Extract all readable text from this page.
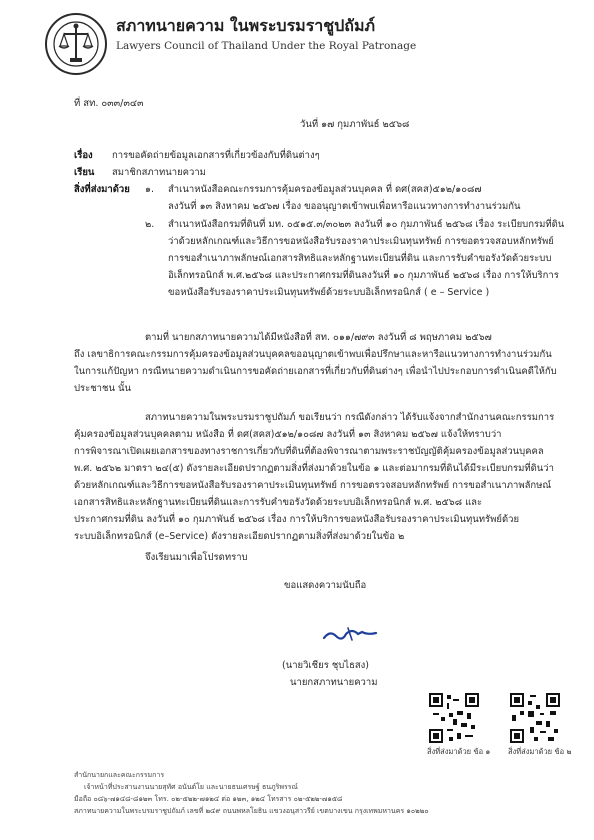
สภาทนายความ ในพระบรมราชูปถัมภ์
Lawyers Council of Thailand Under the Royal Patronage
ที่ สท. ๐๓๓/๓๔๓
วันที่ ๑๗ กุมภาพันธ์ ๒๕๖๘
เรื่อง การขอคัดถ่ายข้อมูลเอกสารที่เกี่ยวข้องกับที่ดินต่างๆ
เรียน สมาชิกสภาทนายความ
สิ่งที่ส่งมาด้วย ๑. สำเนาหนังสือคณะกรรมการคุ้มครองข้อมูลส่วนบุคคล ที่ ดศ(สคส)๕๑๒/๑๐๘๗
ลงวันที่ ๑๓ สิงหาคม ๒๕๖๗ เรื่อง ขออนุญาตเข้าพบเพื่อหารือแนวทางการทำงานร่วมกัน
๒. สำเนาหนังสือกรมที่ดินที่ มท. ๐๕๑๕.๓/๓๐๒๓ ลงวันที่ ๑๐ กุมภาพันธ์ ๒๕๖๘ เรื่อง ระเบียบกรมที่ดิน
ว่าด้วยหลักเกณฑ์และวิธีการขอหนังสือรับรองราคาประเมินทุนทรัพย์ การขอตรวจสอบหลักทรัพย์
การขอสำเนาภาพลักษณ์เอกสารสิทธิและหลักฐานทะเบียนที่ดิน และการรับคำขอรังวัดด้วยระบบ
อิเล็กทรอนิกส์ พ.ศ.๒๕๖๘ และประกาศกรมที่ดินลงวันที่ ๑๐ กุมภาพันธ์ ๒๕๖๘ เรื่อง การให้บริการ
ขอหนังสือรับรองราคาประเมินทุนทรัพย์ด้วยระบบอิเล็กทรอนิกส์ ( e – Service )
ตามที่ นายกสภาทนายความได้มีหนังสือที่ สท. ๐๑๑/๗๙๓ ลงวันที่ ๘ พฤษภาคม ๒๕๖๗
ถึง เลขาธิการคณะกรรมการคุ้มครองข้อมูลส่วนบุคคลขออนุญาตเข้าพบเพื่อปรึกษาและหารือแนวทางการทำงานร่วมกัน
ในการแก้ปัญหา กรณีทนายความดำเนินการขอคัดถ่ายเอกสารที่เกี่ยวกับที่ดินต่างๆ เพื่อนำไปประกอบการดำเนินคดีให้กับ
ประชาชน นั้น
สภาทนายความในพระบรมราชูปถัมภ์ ขอเรียนว่า กรณีดังกล่าว ได้รับแจ้งจากสำนักงานคณะกรรมการ
คุ้มครองข้อมูลส่วนบุคคลตาม หนังสือ ที่ ดศ(สคส)๕๑๒/๑๐๘๗ ลงวันที่ ๑๓ สิงหาคม ๒๕๖๗ แจ้งให้ทราบว่า
การพิจารณาเปิดเผยเอกสารของทางราชการเกี่ยวกับที่ดินที่ต้องพิจารณาตามพระราชบัญญัติคุ้มครองข้อมูลส่วนบุคคล
พ.ศ. ๒๕๖๒ มาตรา ๒๔(๕) ดังรายละเอียดปรากฏตามสิ่งที่ส่งมาด้วยในข้อ ๑ และต่อมากรมที่ดินได้มีระเบียบกรมที่ดินว่า
ด้วยหลักเกณฑ์และวิธีการขอหนังสือรับรองราคาประเมินทุนทรัพย์ การขอตรวจสอบหลักทรัพย์ การขอสำเนาภาพลักษณ์
เอกสารสิทธิและหลักฐานทะเบียนที่ดินและการรับคำขอรังวัดด้วยระบบอิเล็กทรอนิกส์ พ.ศ. ๒๕๖๘ และ
ประกาศกรมที่ดิน ลงวันที่ ๑๐ กุมภาพันธ์ ๒๕๖๘ เรื่อง การให้บริการขอหนังสือรับรองราคาประเมินทุนทรัพย์ด้วย
ระบบอิเล็กทรอนิกส์ (e–Service) ดังรายละเอียดปรากฏตามสิ่งที่ส่งมาด้วยในข้อ ๒
จึงเรียนมาเพื่อโปรดทราบ
ขอแสดงความนับถือ
(นายวิเชียร ชุบไธสง)
นายกสภาทนายความ
สิ่งที่ส่งมาด้วย ข้อ ๑ สิ่งที่ส่งมาด้วย ข้อ ๒
สำนักนายกและคณะกรรมการ
เจ้าหน้าที่ประสานงานนายสุทัศ อนันต์โย และนายธนเศรษฐ์ ธนภูริพรรณ์
มือถือ ๐๘๖-๗๑๔๘-๘๑๒๓ โทร. ๐๒-๕๒๒-๗๑๒๔ ต่อ ๑๒๓, ๑๒๔ โทรสาร ๐๒-๕๒๒-๗๑๕๘
สภาทนายความในพระบรมราชูปถัมภ์ เลขที่ ๒๔๙ ถนนพหลโยธิน แขวงอนุสาวรีย์ เขตบางเขน กรุงเทพมหานคร ๑๐๒๒๐
